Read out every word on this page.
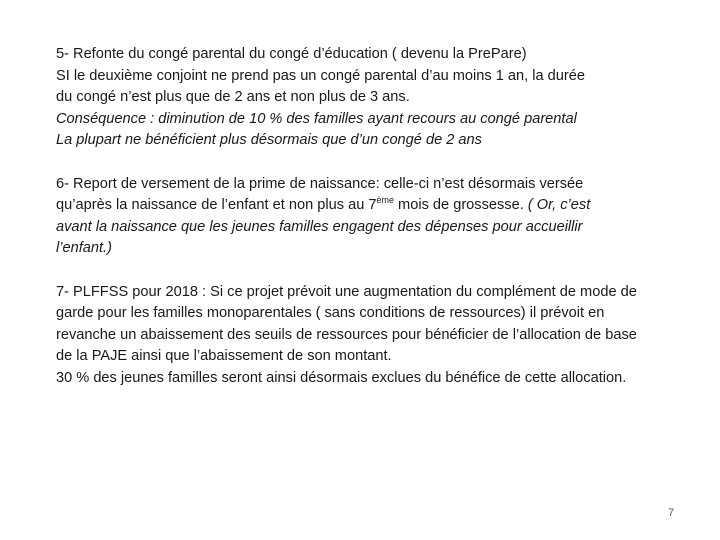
5- Refonte du congé parental du congé d’éducation ( devenu la PrePare)
SI le deuxième conjoint ne prend pas un congé parental d’au moins 1 an, la durée
du congé n’est plus que de 2 ans et non plus de 3 ans.
Conséquence : diminution de 10 % des familles ayant recours au congé parental
La plupart ne bénéficient plus désormais que d’un congé de 2 ans

6- Report de versement de la prime de naissance: celle-ci n’est désormais versée
qu’après la naissance de l’enfant et non plus au 7ème mois de grossesse. ( Or, c’est
avant la naissance que les jeunes familles engagent des dépenses pour accueillir
l’enfant.)

7- PLFFSS pour 2018 : Si ce projet prévoit une augmentation du complément de mode de
garde pour les familles monoparentales ( sans conditions de ressources) il prévoit en
revanche un abaissement des seuils de ressources pour bénéficier de l’allocation de base
de la PAJE ainsi que l’abaissement de son montant.
30 % des jeunes familles seront ainsi désormais exclues du bénéfice de cette allocation.

7
